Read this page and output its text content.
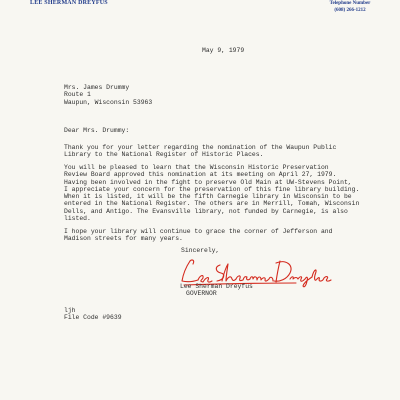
LEE SHERMAN DREYFUS	Telephone Number
(608) 266-1212
May 9, 1979
Mrs. James Drummy
Route 1
Waupun, Wisconsin 53963
Dear Mrs. Drummy:
Thank you for your letter regarding the nomination of the Waupun Public
Library to the National Register of Historic Places.
You will be pleased to learn that the Wisconsin Historic Preservation
Review Board approved this nomination at its meeting on April 27, 1979.
Having been involved in the fight to preserve Old Main at UW-Stevens Point,
I appreciate your concern for the preservation of this fine library building.
When it is listed, it will be the fifth Carnegie library in Wisconsin to be
entered in the National Register. The others are in Merrill, Tomah, Wisconsin
Dells, and Antigo. The Evansville library, not funded by Carnegie, is also
listed.
I hope your library will continue to grace the corner of Jefferson and
Madison streets for many years.
Sincerely,
Lee Sherman Dreyfus
GOVERNOR
ljh
File Code #9639
